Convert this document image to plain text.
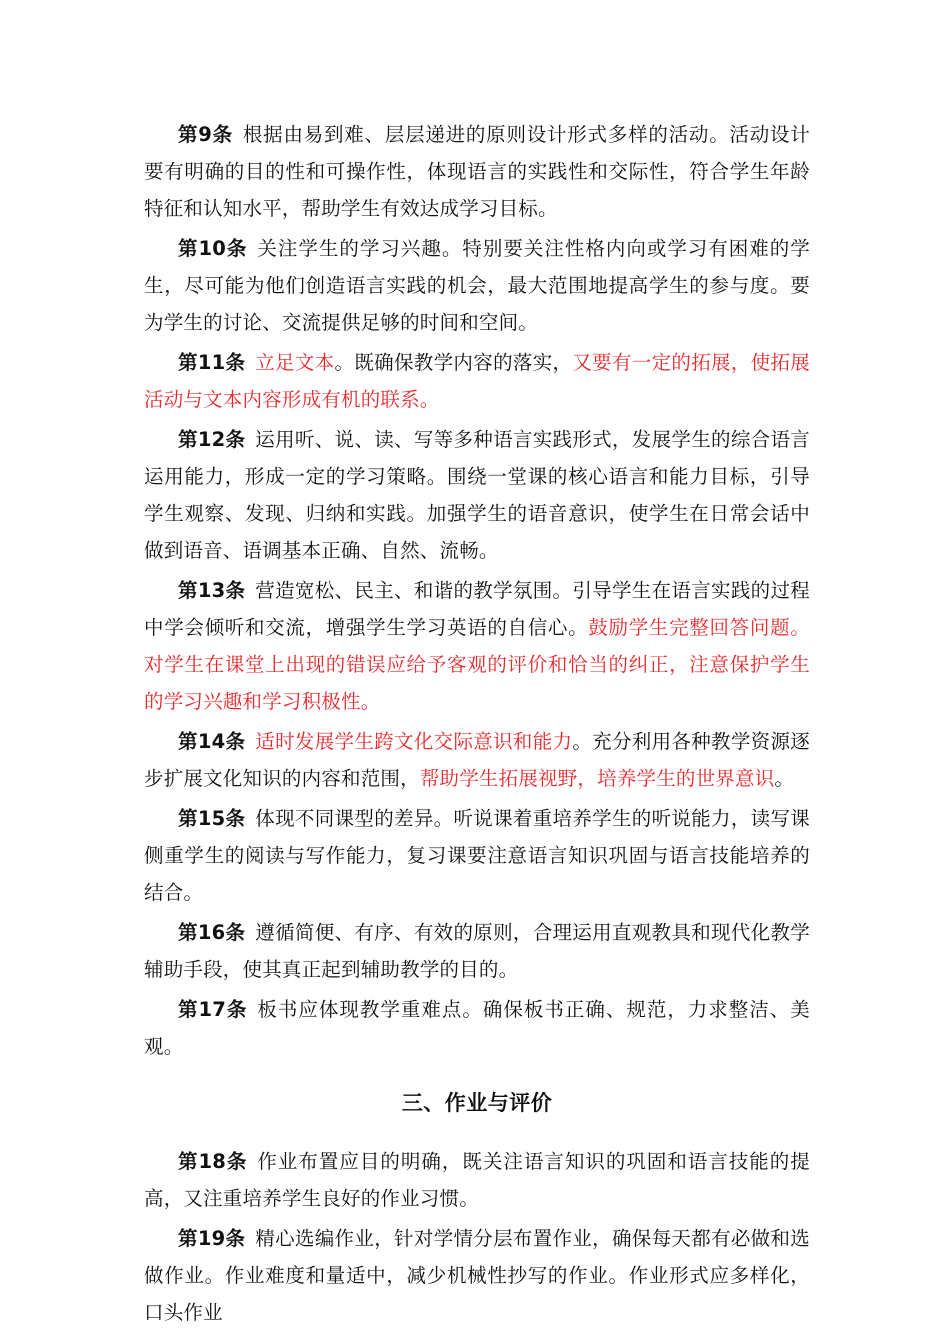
第9条 根据由易到难、层层递进的原则设计形式多样的活动。活动设计要有明确的目的性和可操作性，体现语言的实践性和交际性，符合学生年龄特征和认知水平，帮助学生有效达成学习目标。

第10条 关注学生的学习兴趣。特别要关注性格内向或学习有困难的学生，尽可能为他们创造语言实践的机会，最大范围地提高学生的参与度。要为学生的讨论、交流提供足够的时间和空间。

第11条 立足文本。既确保教学内容的落实，又要有一定的拓展，使拓展活动与文本内容形成有机的联系。

第12条 运用听、说、读、写等多种语言实践形式，发展学生的综合语言运用能力，形成一定的学习策略。围绕一堂课的核心语言和能力目标，引导学生观察、发现、归纳和实践。加强学生的语音意识，使学生在日常会话中做到语音、语调基本正确、自然、流畅。

第13条 营造宽松、民主、和谐的教学氛围。引导学生在语言实践的过程中学会倾听和交流，增强学生学习英语的自信心。鼓励学生完整回答问题。对学生在课堂上出现的错误应给予客观的评价和恰当的纠正，注意保护学生的学习兴趣和学习积极性。

第14条 适时发展学生跨文化交际意识和能力。充分利用各种教学资源逐步扩展文化知识的内容和范围，帮助学生拓展视野，培养学生的世界意识。

第15条 体现不同课型的差异。听说课着重培养学生的听说能力，读写课侧重学生的阅读与写作能力，复习课要注意语言知识巩固与语言技能培养的结合。

第16条 遵循简便、有序、有效的原则，合理运用直观教具和现代化教学辅助手段，使其真正起到辅助教学的目的。

第17条 板书应体现教学重难点。确保板书正确、规范，力求整洁、美观。

三、作业与评价

第18条 作业布置应目的明确，既关注语言知识的巩固和语言技能的提高，又注重培养学生良好的作业习惯。

第19条 精心选编作业，针对学情分层布置作业，确保每天都有必做和选做作业。作业难度和量适中，减少机械性抄写的作业。作业形式应多样化，口头作业
